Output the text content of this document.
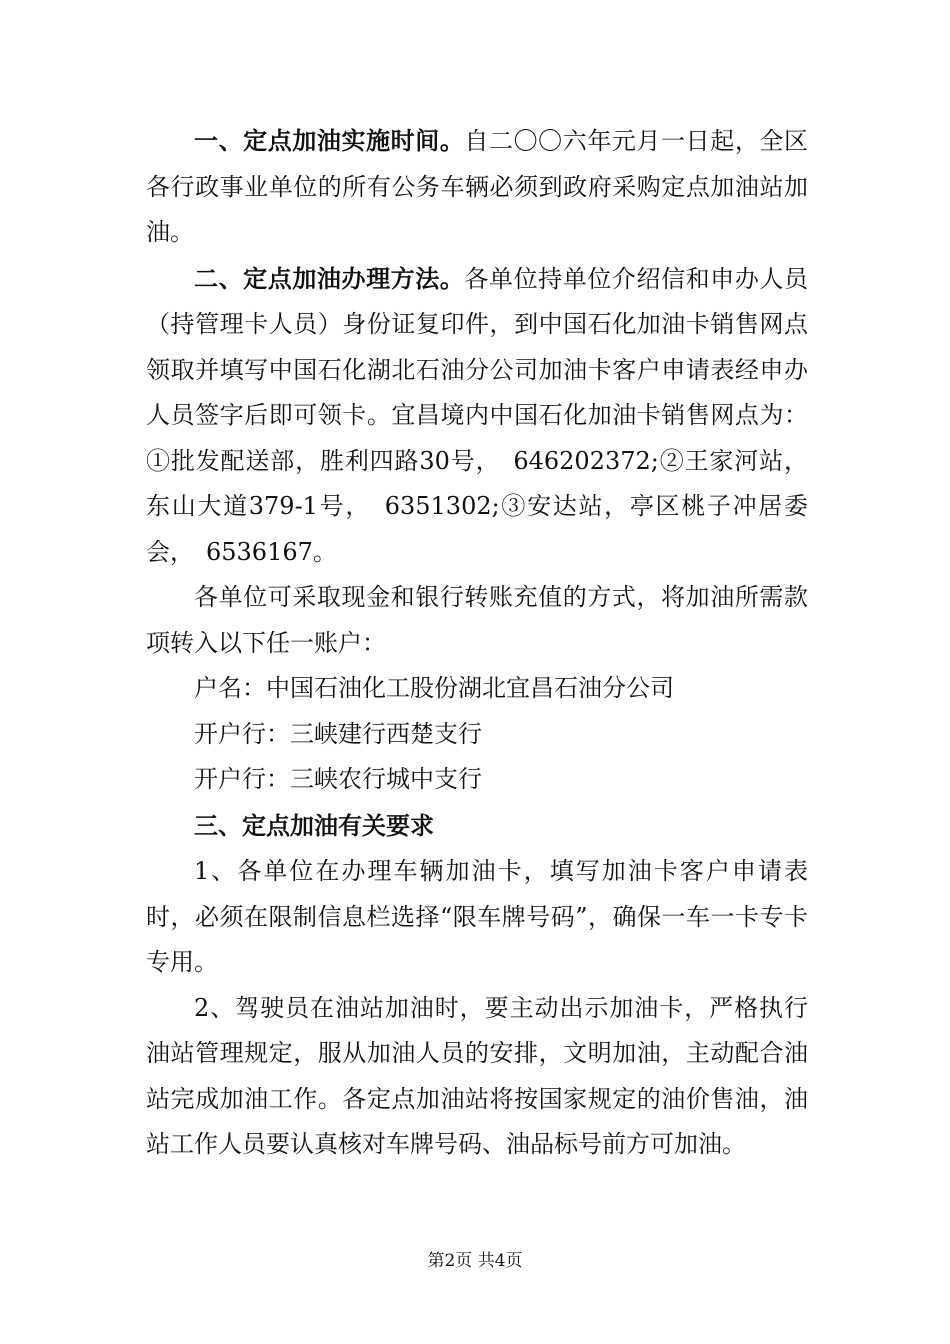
一、定点加油实施时间。自二〇〇六年元月一日起，全区各行政事业单位的所有公务车辆必须到政府采购定点加油站加油。

二、定点加油办理方法。各单位持单位介绍信和申办人员（持管理卡人员）身份证复印件，到中国石化加油卡销售网点领取并填写中国石化湖北石油分公司加油卡客户申请表经申办人员签字后即可领卡。宜昌境内中国石化加油卡销售网点为：①批发配送部，胜利四路30号，　646202372;②王家河站，东山大道379-1号，　6351302;③安达站，亭区桃子冲居委会，　6536167。

各单位可采取现金和银行转账充值的方式，将加油所需款项转入以下任一账户：

户名：中国石油化工股份湖北宜昌石油分公司

开户行：三峡建行西楚支行

开户行：三峡农行城中支行

三、定点加油有关要求

1、各单位在办理车辆加油卡，填写加油卡客户申请表时，必须在限制信息栏选择“限车牌号码”，确保一车一卡专卡专用。

2、驾驶员在油站加油时，要主动出示加油卡，严格执行油站管理规定，服从加油人员的安排，文明加油，主动配合油站完成加油工作。各定点加油站将按国家规定的油价售油，油站工作人员要认真核对车牌号码、油品标号前方可加油。

第2页 共4页
